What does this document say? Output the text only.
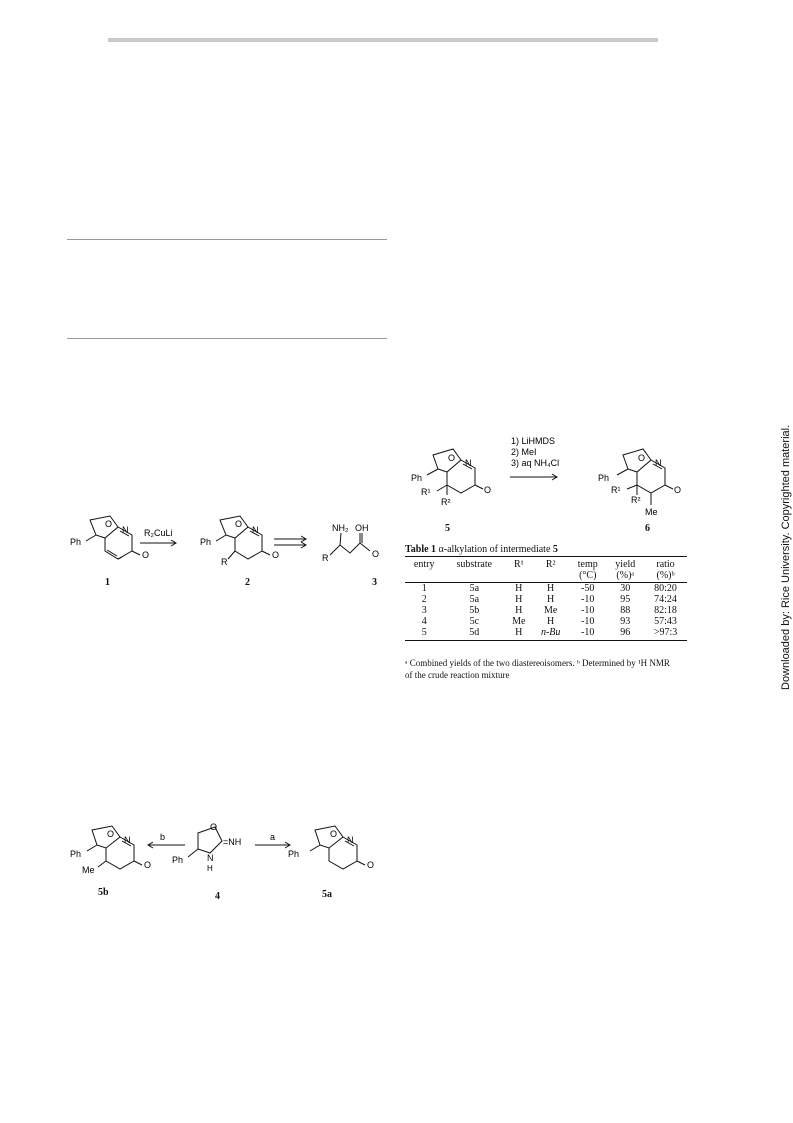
Downloaded by: Rice University. Copyrighted material.
O
N
O
Ph
R₂CuLi
O
N
O
Ph
R
NH₂ OH
O
R
1	2	3
O N
O
Ph
R¹
R²
1) LiHMDS
2) MeI
3) aq NH₄Cl	O N
O
Ph
R¹
R²
Me
5	6
Table 1 α-alkylation of intermediate 5
entry	substrate	R¹	R²	temp	yield	ratio
				(°C)	(%)ᵃ	(%)ᵇ
1	5a	H	H	-50	30	80:20
2	5a	H	H	-10	95	74:24
3	5b	H	Me	-10	88	82:18
4	5c	Me	H	-10	93	57:43
5	5d	H	n-Bu	-10	96	>97:3
ᵃ Combined yields of the two diastereoisomers. ᵇ Determined by ¹H NMR
of the crude reaction mixture
O
N
O
Ph
Me
b
O
=NH
N
H
Ph
a	O
N
O
Ph
5b	4	5a
